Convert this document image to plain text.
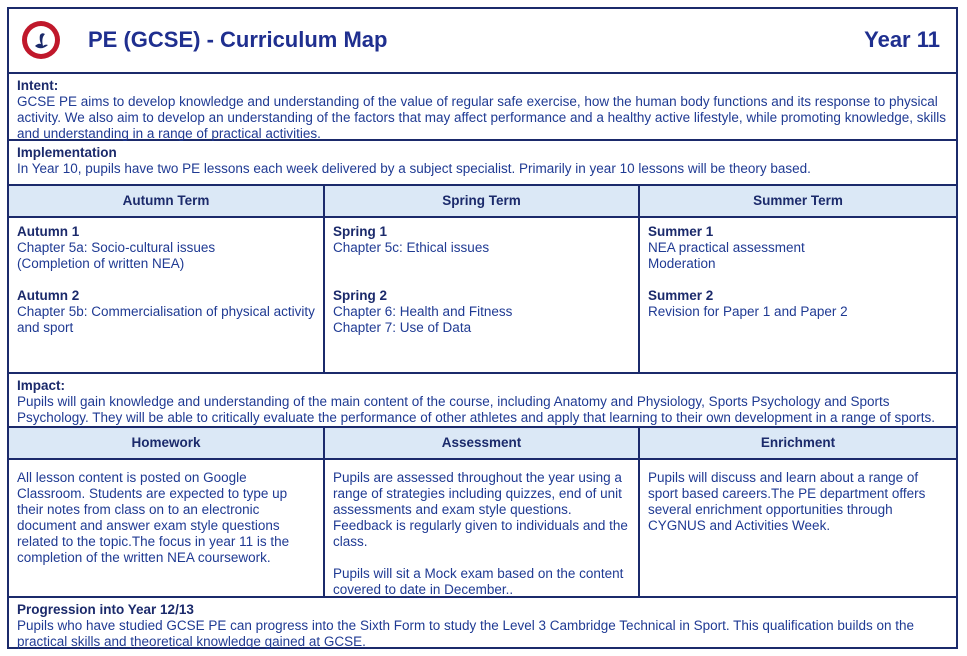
PE (GCSE) - Curriculum Map	Year 11
Intent:
GCSE PE aims to develop knowledge and understanding of the value of regular safe exercise, how the human body functions and its response to physical activity. We also aim to develop an understanding of the factors that may affect performance and a healthy active lifestyle, while promoting knowledge, skills and understanding in a range of practical activities.
Implementation
In Year 10, pupils have two PE lessons each week delivered by a subject specialist. Primarily in year 10 lessons will be theory based.
Autumn Term
Autumn 1
Chapter 5a: Socio-cultural issues
(Completion of written NEA)
Autumn 2
Chapter 5b: Commercialisation of physical activity and sport
Spring Term
Spring 1
Chapter 5c: Ethical issues
Spring 2
Chapter 6: Health and Fitness
Chapter 7: Use of Data
Summer Term
Summer 1
NEA practical assessment
Moderation
Summer 2
Revision for Paper 1 and Paper 2
Impact:
Pupils will gain knowledge and understanding of the main content of the course, including Anatomy and Physiology, Sports Psychology and Sports Psychology. They will be able to critically evaluate the performance of other athletes and apply that learning to their own development in a range of sports.
Homework
All lesson content is posted on Google Classroom. Students are expected to type up their notes from class on to an electronic document and answer exam style questions related to the topic.The focus in year 11 is the completion of the written NEA coursework.
Assessment
Pupils are assessed throughout the year using a range of strategies including quizzes, end of unit assessments and exam style questions. Feedback is regularly given to individuals and the class.
Pupils will sit a Mock exam based on the content covered to date in December..
Enrichment
Pupils will discuss and learn about a range of sport based careers.The PE department offers several enrichment opportunities through CYGNUS and Activities Week.
Progression into Year 12/13
Pupils who have studied GCSE PE can progress into the Sixth Form to study the Level 3 Cambridge Technical in Sport. This qualification builds on the practical skills and theoretical knowledge gained at GCSE.
